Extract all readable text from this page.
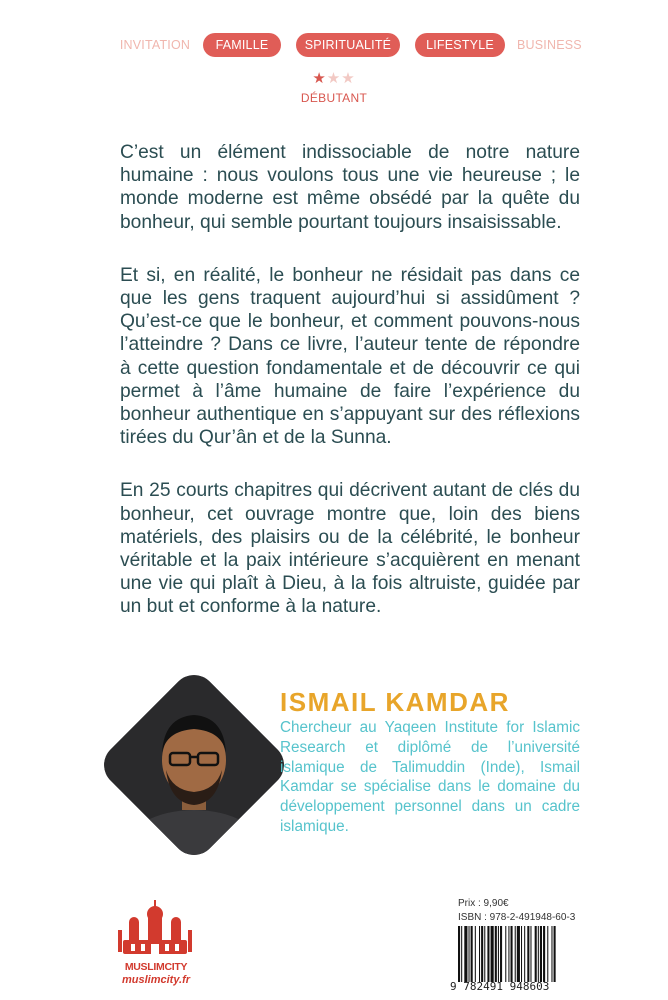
INVITATION	FAMILLE	SPIRITUALITÉ	LIFESTYLE	BUSINESS
★★★
DÉBUTANT

C’est un élément indissociable de notre nature humaine : nous voulons tous une vie heureuse ; le monde moderne est même obsédé par la quête du bonheur, qui semble pourtant toujours insaisissable.

Et si, en réalité, le bonheur ne résidait pas dans ce que les gens traquent aujourd’hui si assidûment ? Qu’est-ce que le bonheur, et comment pouvons-nous l’atteindre ? Dans ce livre, l’auteur tente de répondre à cette question fondamentale et de découvrir ce qui permet à l’âme humaine de faire l’expérience du bonheur authentique en s’appuyant sur des réflexions tirées du Qur’ân et de la Sunna.

En 25 courts chapitres qui décrivent autant de clés du bonheur, cet ouvrage montre que, loin des biens matériels, des plaisirs ou de la célébrité, le bonheur véritable et la paix intérieure s’acquièrent en menant une vie qui plaît à Dieu, à la fois altruiste, guidée par un but et conforme à la nature.

ISMAIL KAMDAR
Chercheur au Yaqeen Institute for Islamic Research et diplômé de l’université islamique de Talimuddin (Inde), Ismail Kamdar se spécialise dans le domaine du développement personnel dans un cadre islamique.
MUSLIMCITY
muslimcity.fr
Prix : 9,90€
ISBN : 978-2-491948-60-3
9 782491 948603
